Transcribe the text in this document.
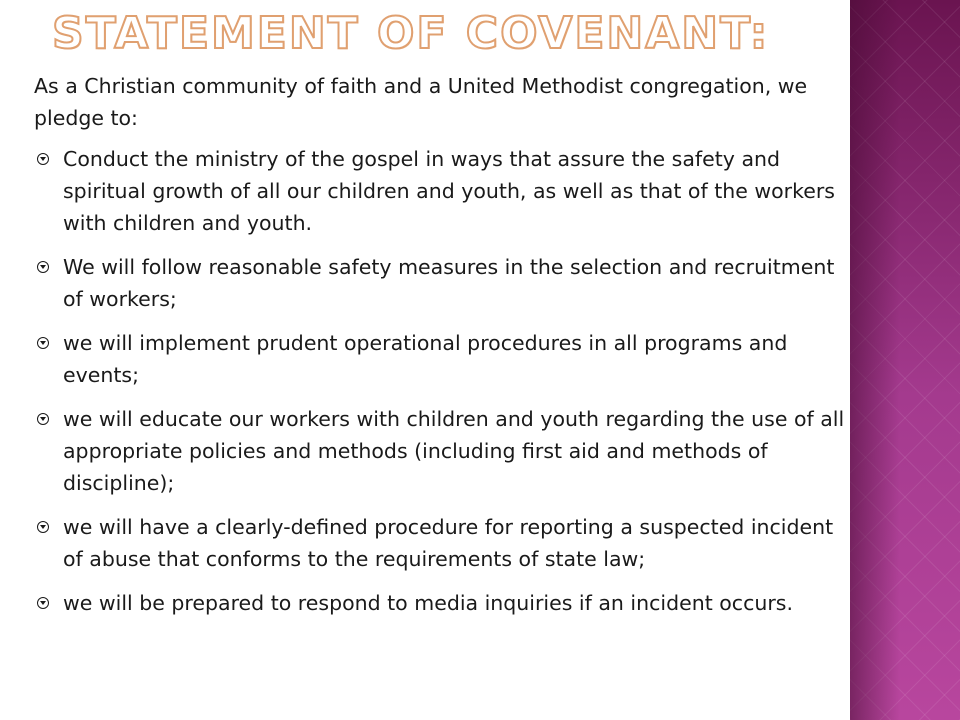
STATEMENT OF COVENANT:

As a Christian community of faith and a United Methodist congregation, we pledge to:

Conduct the ministry of the gospel in ways that assure the safety and spiritual growth of all our children and youth, as well as that of the workers with children and youth.
We will follow reasonable safety measures in the selection and recruitment of workers;
we will implement prudent operational procedures in all programs and events;
we will educate our workers with children and youth regarding the use of all appropriate policies and methods (including first aid and methods of discipline);
we will have a clearly-defined procedure for reporting a suspected incident of abuse that conforms to the requirements of state law;
we will be prepared to respond to media inquiries if an incident occurs.
